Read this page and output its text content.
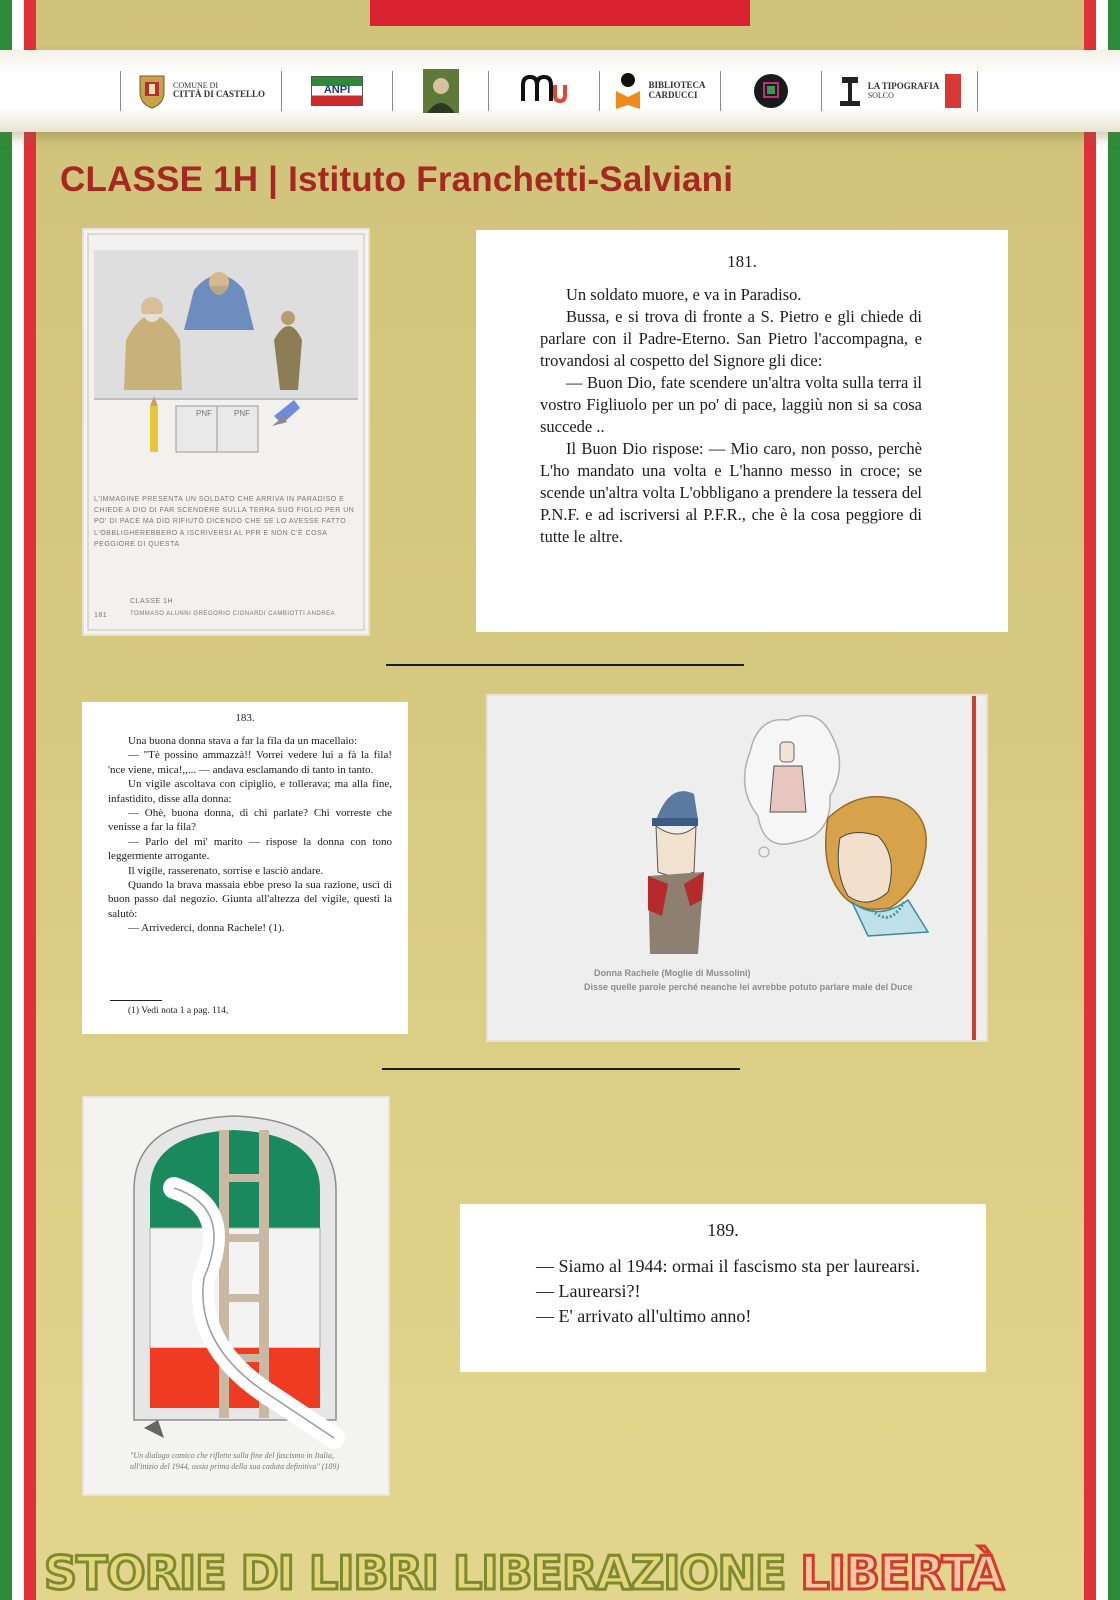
COMUNE DI
CITTÀ DI CASTELLO	ANPI	BIBLIOTECA
CARDUCCI
LA TIPOGRAFIA
SOLCO
CLASSE 1H | Istituto Franchetti-Salviani
PNF	PNF
L'IMMAGINE PRESENTA UN SOLDATO CHE ARRIVA IN PARADISO E CHIEDE A DIO DI FAR SCENDERE SULLA TERRA SUO FIGLIO PER UN PO' DI PACE MA DIO RIFIUTÒ DICENDO CHE SE LO AVESSE FATTO L'OBBLIGHEREBBERO A ISCRIVERSI AL PFR E NON C'È COSA PEGGIORE DI QUESTA
CLASSE 1H
181	TOMMASO ALUNNI GREGORIO CIGNARDI CAMBIOTTI ANDREA
181.

Un soldato muore, e va in Paradiso.

Bussa, e si trova di fronte a S. Pietro e gli chiede di parlare con il Padre-Eterno. San Pietro l'accompagna, e trovandosi al cospetto del Signore gli dice:

— Buon Dio, fate scendere un'altra volta sulla terra il vostro Figliuolo per un po' di pace, laggiù non si sa cosa succede ..

Il Buon Dio rispose: — Mio caro, non posso, perchè L'ho mandato una volta e L'hanno messo in croce; se scende un'altra volta L'obbligano a prendere la tessera del P.N.F. e ad iscriversi al P.F.R., che è la cosa peggiore di tutte le altre.

183.

Una buona donna stava a far la fila da un macellaio:

— "Tè possino ammazzà!! Vorrei vedere lui a fà la fila! 'nce viene, mica!,,... — andava esclamando di tanto in tanto.

Un vigile ascoltava con cipiglio, e tollerava; ma alla fine, infastidito, disse alla donna:

— Ohè, buona donna, di chi parlate? Chi vorreste che venisse a far la fila?

— Parlo del mi' marito — rispose la donna con tono leggermente arrogante.

Il vigile, rasserenato, sorrise e lasciò andare.

Quando la brava massaia ebbe preso la sua razione, uscì di buon passo dal negozio. Giunta all'altezza del vigile, questi la salutò:

— Arrivederci, donna Rachele! (1).

(1) Vedi nota 1 a pag. 114,
Donna Rachele (Moglie di Mussolini)
Disse quelle parole perché neanche lei avrebbe potuto parlare male del Duce
"Un dialogo comico che riflette sulla fine del fascismo in Italia, all'inizio del 1944, ossia prima della sua caduta definitiva" (189)
189.

— Siamo al 1944: ormai il fascismo sta per laurearsi.

— Laurearsi?!

— E' arrivato all'ultimo anno!

STORIE DI LIBRI LIBERAZIONE LIBERTÀ
